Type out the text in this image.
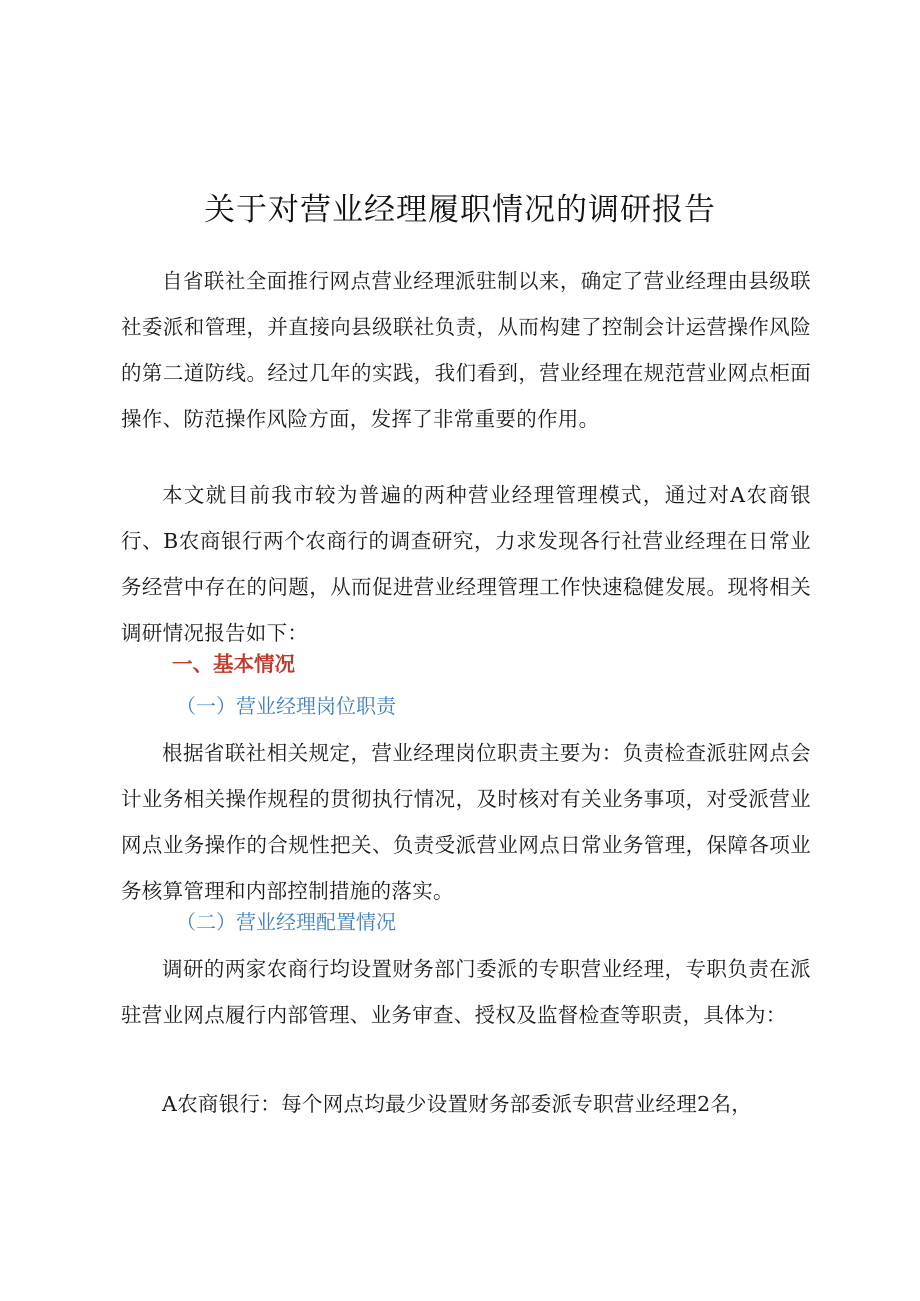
关于对营业经理履职情况的调研报告

自省联社全面推行网点营业经理派驻制以来，确定了营业经理由县级联社委派和管理，并直接向县级联社负责，从而构建了控制会计运营操作风险的第二道防线。经过几年的实践，我们看到，营业经理在规范营业网点柜面操作、防范操作风险方面，发挥了非常重要的作用。

本文就目前我市较为普遍的两种营业经理管理模式，通过对A农商银行、B农商银行两个农商行的调查研究，力求发现各行社营业经理在日常业务经营中存在的问题，从而促进营业经理管理工作快速稳健发展。现将相关调研情况报告如下：

一、基本情况
（一）营业经理岗位职责

根据省联社相关规定，营业经理岗位职责主要为：负责检查派驻网点会计业务相关操作规程的贯彻执行情况，及时核对有关业务事项，对受派营业网点业务操作的合规性把关、负责受派营业网点日常业务管理，保障各项业务核算管理和内部控制措施的落实。

（二）营业经理配置情况

调研的两家农商行均设置财务部门委派的专职营业经理，专职负责在派驻营业网点履行内部管理、业务审查、授权及监督检查等职责，具体为：

A农商银行：每个网点均最少设置财务部委派专职营业经理2名，
